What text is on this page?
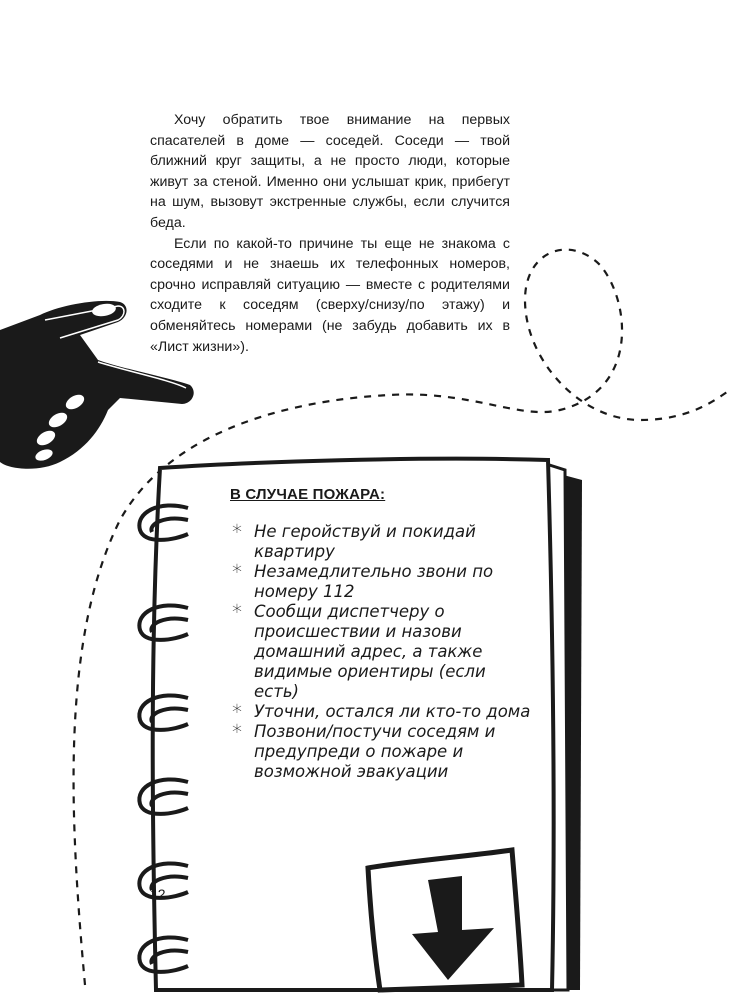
Хочу обратить твое внимание на первых спасателей в доме — соседей. Соседи — твой ближний круг защиты, а не просто люди, которые живут за стеной. Именно они услышат крик, прибегут на шум, вызовут экстренные службы, если случится беда.

Если по какой-то причине ты еще не знакома с соседями и не знаешь их телефонных номеров, срочно исправляй ситуацию — вместе с родителями сходите к соседям (сверху/снизу/по этажу) и обменяйтесь номерами (не забудь добавить их в «Лист жизни»).

В СЛУЧАЕ ПОЖАРА:
* Не геройствуй и покидай квартиру
* Незамедлительно звони по номеру 112
* Сообщи диспетчеру о происшествии и назови домашний адрес, а также видимые ориентиры (если есть)
* Уточни, остался ли кто-то дома
* Позвони/постучи соседям и предупреди о пожаре и возможной эвакуации
12
